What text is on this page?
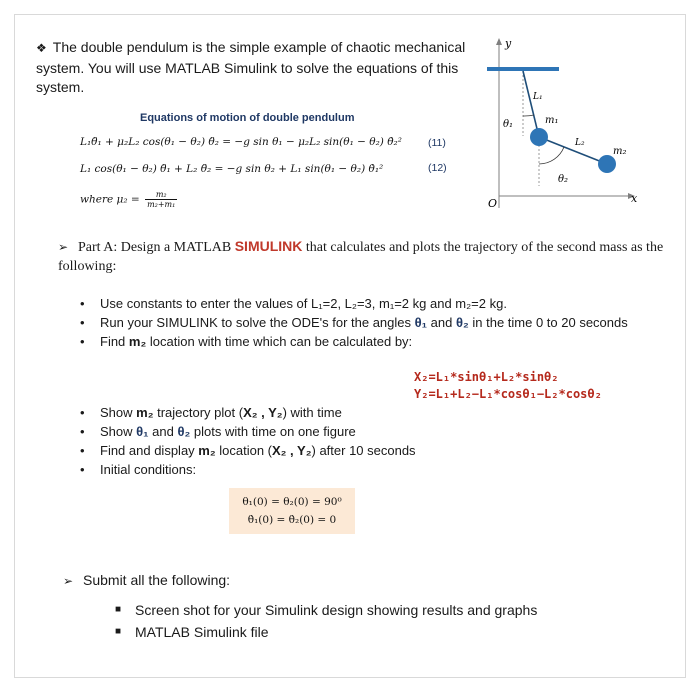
❖ The double pendulum is the simple example of chaotic mechanical system. You will use MATLAB Simulink to solve the equations of this system.
Equations of motion of double pendulum
L₁θ̈₁ + μ₂L₂ cos(θ₁ − θ₂) θ̈₂ = −g sin θ₁ − μ₂L₂ sin(θ₁ − θ₂) θ̇₂² (11)
L₁ cos(θ₁ − θ₂) θ̈₁ + L₂ θ̈₂ = −g sin θ₂ + L₁ sin(θ₁ − θ₂) θ̇₁²	(12)
where $\mu_2 = \frac{\text{m₂}}{\text{m₂+m₁}}$
y
x
O
L₁
θ₁	m₁
L₂
m₂
θ₂
➢ Part A: Design a MATLAB SIMULINK that calculates and plots the trajectory of the second mass as the following:
• Use constants to enter the values of L₁=2, L₂=3, m₁=2 kg and m₂=2 kg.
• Run your SIMULINK to solve the ODE's for the angles θ₁ and θ₂ in the time 0 to 20 seconds
• Find m₂ location with time which can be calculated by:
X₂=L₁*sinθ₁+L₂*sinθ₂
Y₂=L₁+L₂−L₁*cosθ₁−L₂*cosθ₂
• Show m₂ trajectory plot (X₂ , Y₂) with time
• Show θ₁ and θ₂ plots with time on one figure
• Find and display m₂ location (X₂ , Y₂) after 10 seconds
• Initial conditions:
θ₁(0) = θ₂(0) = 90⁰
θ̇₁(0) = θ̇₂(0) = 0
➢ Submit all the following:
■ Screen shot for your Simulink design showing results and graphs
■ MATLAB Simulink file
